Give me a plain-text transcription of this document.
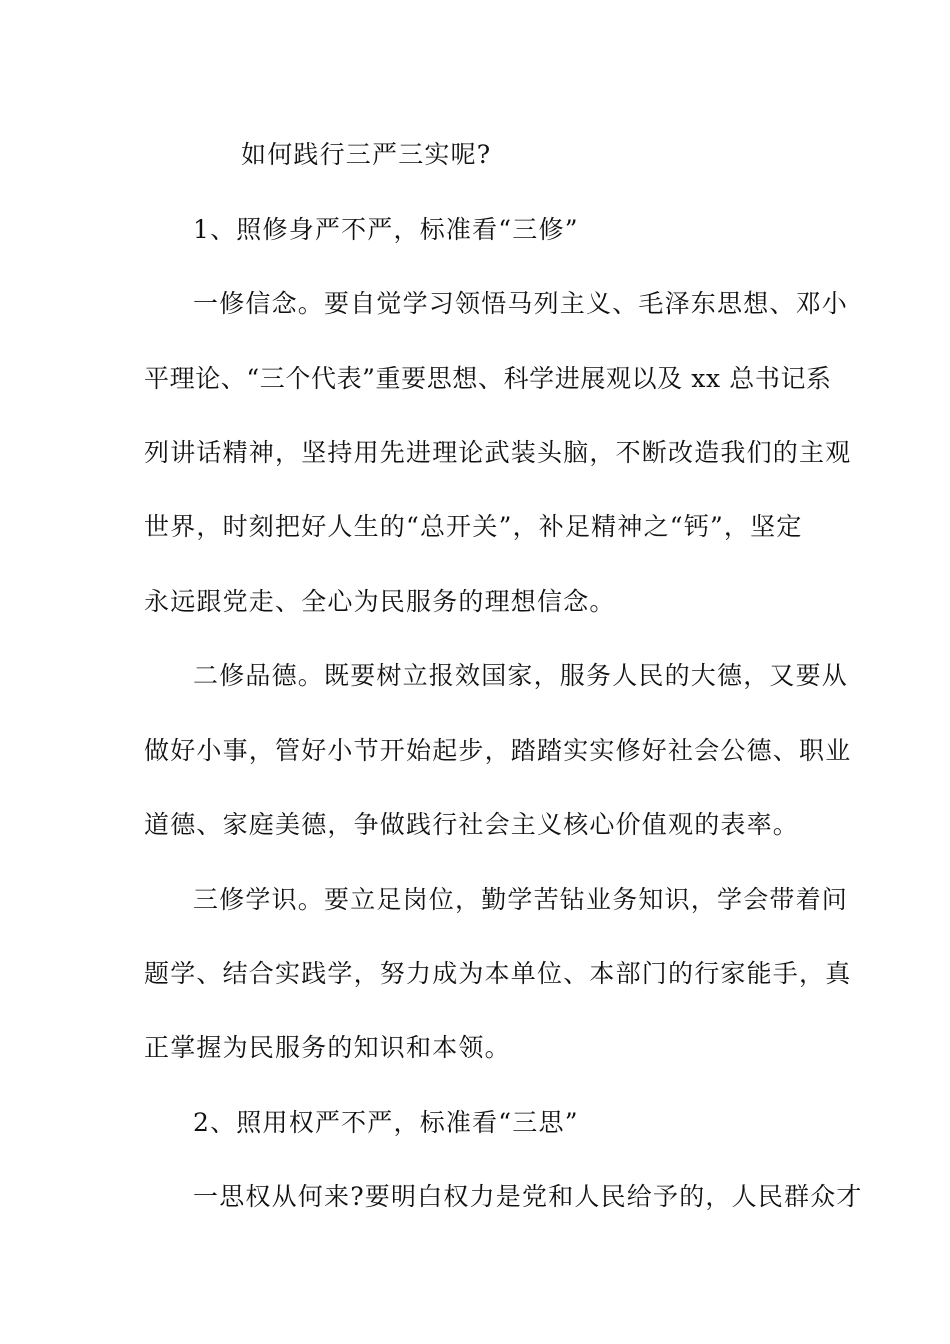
如何践行三严三实呢?
1、照修身严不严，标准看“三修”
一修信念。要自觉学习领悟马列主义、毛泽东思想、邓小
平理论、“三个代表”重要思想、科学进展观以及 xx 总书记系
列讲话精神，坚持用先进理论武装头脑，不断改造我们的主观
世界，时刻把好人生的“总开关”，补足精神之“钙”，坚定
永远跟党走、全心为民服务的理想信念。
二修品德。既要树立报效国家，服务人民的大德，又要从
做好小事，管好小节开始起步，踏踏实实修好社会公德、职业
道德、家庭美德，争做践行社会主义核心价值观的表率。
三修学识。要立足岗位，勤学苦钻业务知识，学会带着问
题学、结合实践学，努力成为本单位、本部门的行家能手，真
正掌握为民服务的知识和本领。
2、照用权严不严，标准看“三思”
一思权从何来?要明白权力是党和人民给予的，人民群众才
